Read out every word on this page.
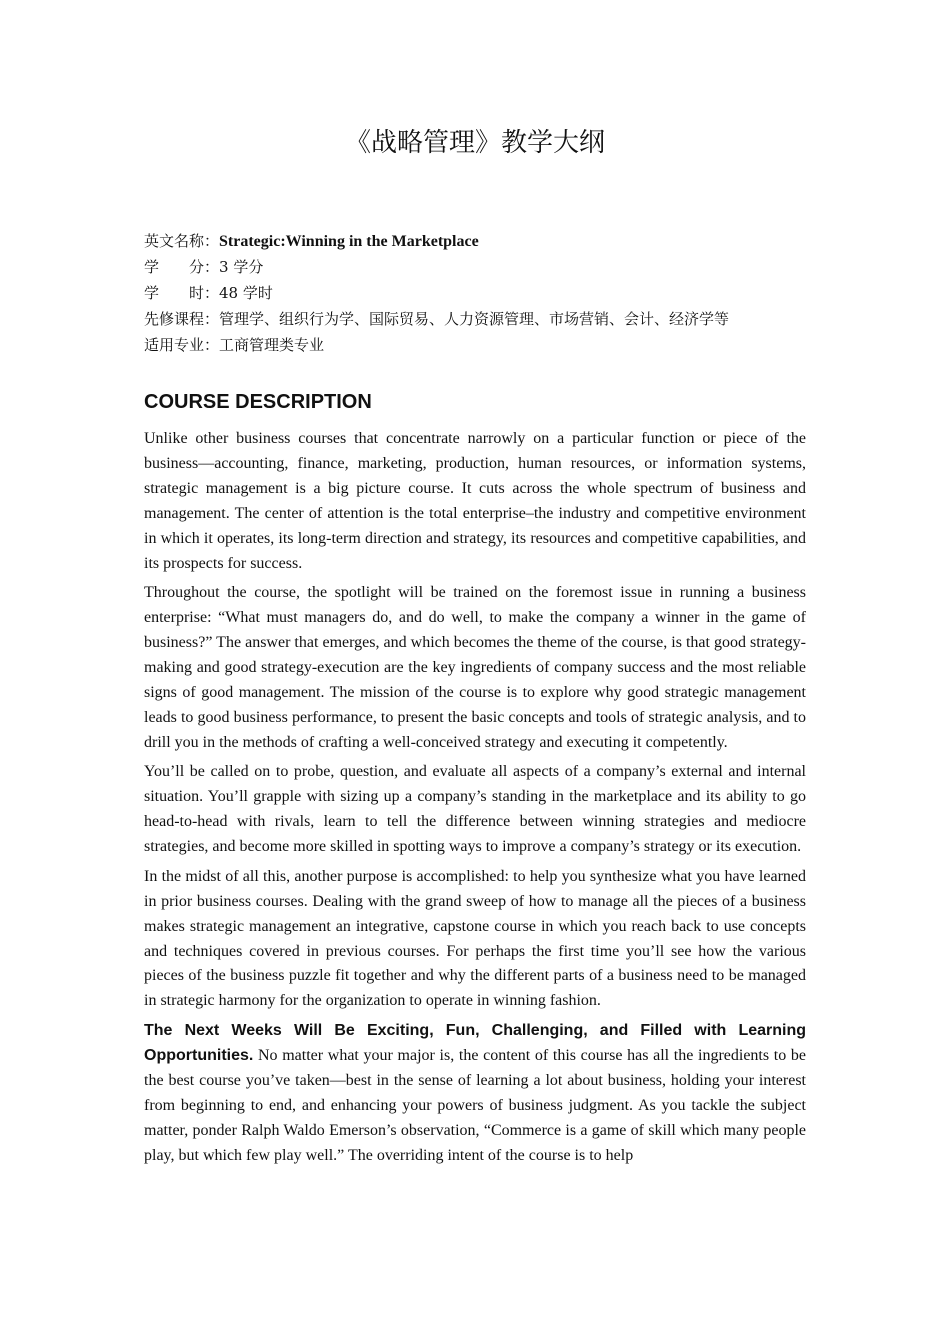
《战略管理》教学大纲
英文名称：Strategic:Winning in the Marketplace
学　　分：3 学分
学　　时：48 学时
先修课程：管理学、组织行为学、国际贸易、人力资源管理、市场营销、会计、经济学等
适用专业：工商管理类专业
COURSE DESCRIPTION

Unlike other business courses that concentrate narrowly on a particular function or piece of the business—accounting, finance, marketing, production, human resources, or information systems, strategic management is a big picture course. It cuts across the whole spectrum of business and management. The center of attention is the total enterprise–the industry and competitive environment in which it operates, its long-term direction and strategy, its resources and competitive capabilities, and its prospects for success.

Throughout the course, the spotlight will be trained on the foremost issue in running a business enterprise: “What must managers do, and do well, to make the company a winner in the game of business?” The answer that emerges, and which becomes the theme of the course, is that good strategy-making and good strategy-execution are the key ingredients of company success and the most reliable signs of good management. The mission of the course is to explore why good strategic management leads to good business performance, to present the basic concepts and tools of strategic analysis, and to drill you in the methods of crafting a well-conceived strategy and executing it competently.

You’ll be called on to probe, question, and evaluate all aspects of a company’s external and internal situation. You’ll grapple with sizing up a company’s standing in the marketplace and its ability to go head-to-head with rivals, learn to tell the difference between winning strategies and mediocre strategies, and become more skilled in spotting ways to improve a company’s strategy or its execution.

In the midst of all this, another purpose is accomplished: to help you synthesize what you have learned in prior business courses. Dealing with the grand sweep of how to manage all the pieces of a business makes strategic management an integrative, capstone course in which you reach back to use concepts and techniques covered in previous courses. For perhaps the first time you’ll see how the various pieces of the business puzzle fit together and why the different parts of a business need to be managed in strategic harmony for the organization to operate in winning fashion.

The Next Weeks Will Be Exciting, Fun, Challenging, and Filled with Learning Opportunities. No matter what your major is, the content of this course has all the ingredients to be the best course you’ve taken—best in the sense of learning a lot about business, holding your interest from beginning to end, and enhancing your powers of business judgment. As you tackle the subject matter, ponder Ralph Waldo Emerson’s observation, “Commerce is a game of skill which many people play, but which few play well.” The overriding intent of the course is to help
